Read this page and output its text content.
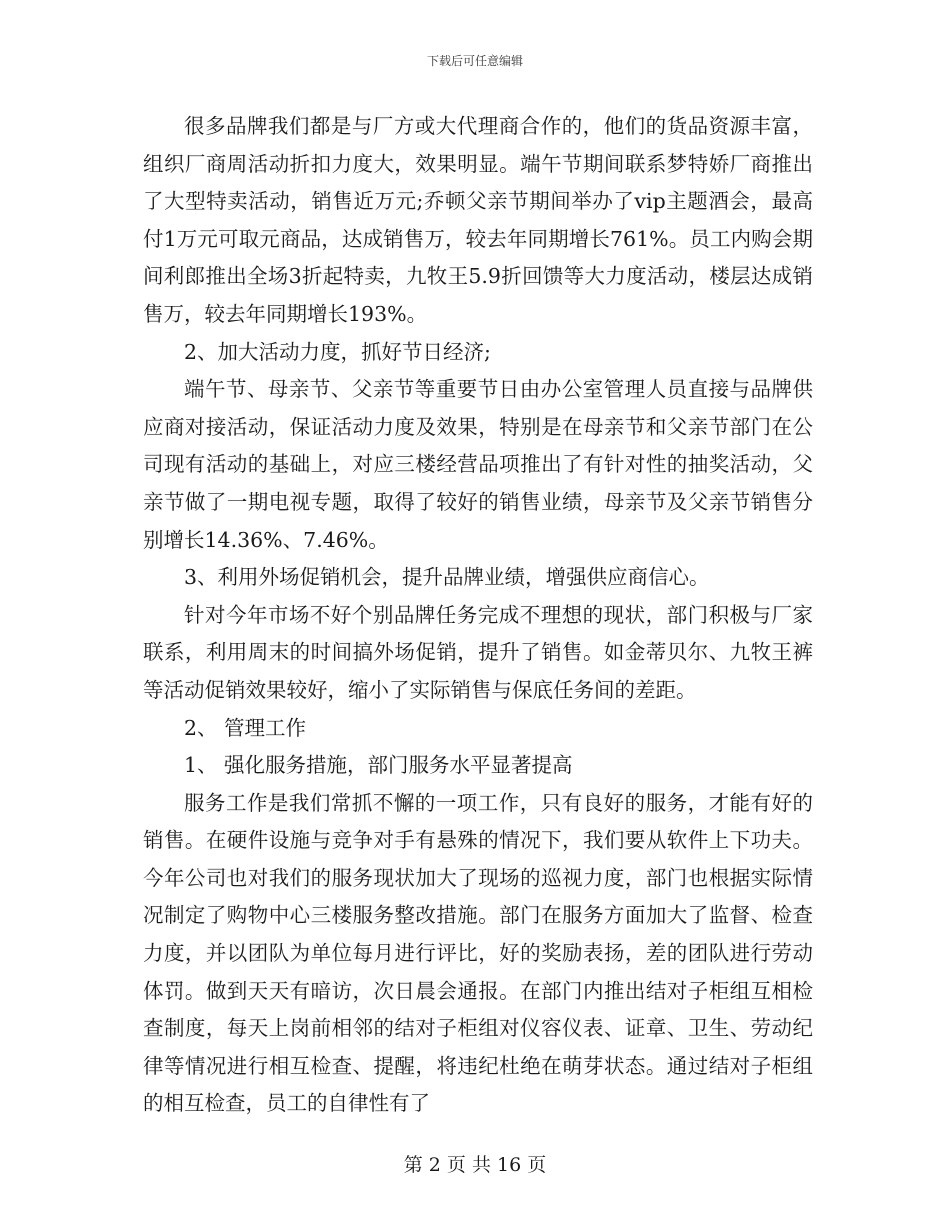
下载后可任意编辑

很多品牌我们都是与厂方或大代理商合作的，他们的货品资源丰富，组织厂商周活动折扣力度大，效果明显。端午节期间联系梦特娇厂商推出了大型特卖活动，销售近万元;乔顿父亲节期间举办了vip主题酒会，最高付1万元可取元商品，达成销售万，较去年同期增长761%。员工内购会期间利郎推出全场3折起特卖，九牧王5.9折回馈等大力度活动，楼层达成销售万，较去年同期增长193%。

2、加大活动力度，抓好节日经济;

端午节、母亲节、父亲节等重要节日由办公室管理人员直接与品牌供应商对接活动，保证活动力度及效果，特别是在母亲节和父亲节部门在公司现有活动的基础上，对应三楼经营品项推出了有针对性的抽奖活动，父亲节做了一期电视专题，取得了较好的销售业绩，母亲节及父亲节销售分别增长14.36%、7.46%。

3、利用外场促销机会，提升品牌业绩，增强供应商信心。

针对今年市场不好个别品牌任务完成不理想的现状，部门积极与厂家联系，利用周末的时间搞外场促销，提升了销售。如金蒂贝尔、九牧王裤等活动促销效果较好，缩小了实际销售与保底任务间的差距。

2、 管理工作

1、 强化服务措施，部门服务水平显著提高

服务工作是我们常抓不懈的一项工作，只有良好的服务，才能有好的销售。在硬件设施与竞争对手有悬殊的情况下，我们要从软件上下功夫。今年公司也对我们的服务现状加大了现场的巡视力度，部门也根据实际情况制定了购物中心三楼服务整改措施。部门在服务方面加大了监督、检查力度，并以团队为单位每月进行评比，好的奖励表扬，差的团队进行劳动体罚。做到天天有暗访，次日晨会通报。在部门内推出结对子柜组互相检查制度，每天上岗前相邻的结对子柜组对仪容仪表、证章、卫生、劳动纪律等情况进行相互检查、提醒，将违纪杜绝在萌芽状态。通过结对子柜组的相互检查，员工的自律性有了

第 2 页 共 16 页
